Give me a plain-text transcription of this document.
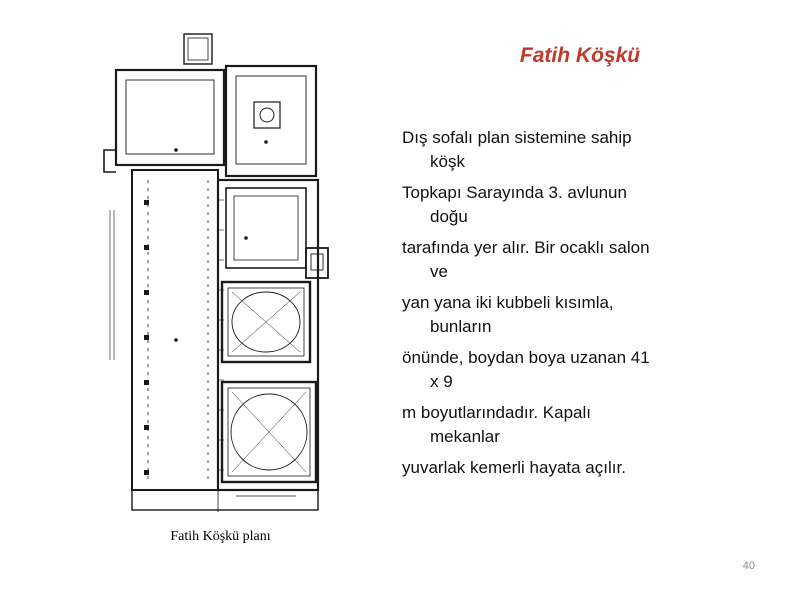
Fatih Köşkü planı
Fatih Köşkü
Dış sofalı plan sistemine sahip
köşk
Topkapı Sarayında 3. avlunun
doğu
tarafında yer alır. Bir ocaklı salon
ve
yan yana iki kubbeli kısımla,
bunların
önünde, boydan boya uzanan 41
x 9
m boyutlarındadır. Kapalı
mekanlar
yuvarlak kemerli hayata açılır.
40
